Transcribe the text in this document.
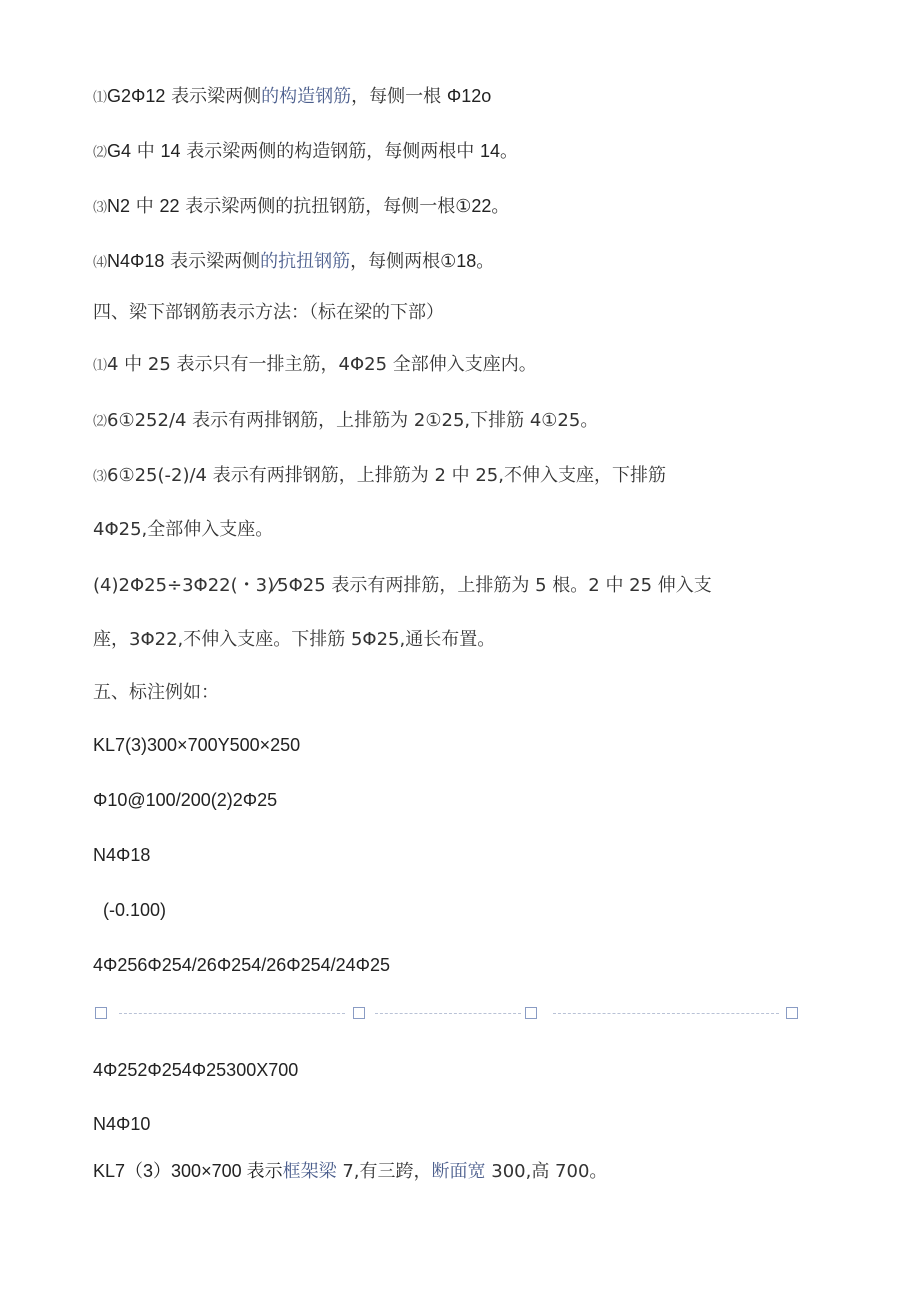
⑴G2Φ12 表示梁两侧的构造钢筋，每侧一根 Φ12o
⑵G4 中 14 表示梁两侧的构造钢筋，每侧两根中 14。
⑶N2 中 22 表示梁两侧的抗扭钢筋，每侧一根①22。
⑷N4Φ18 表示梁两侧的抗扭钢筋，每侧两根①18。
四、梁下部钢筋表示方法：（标在梁的下部）
⑴4 中 25 表示只有一排主筋，4Φ25 全部伸入支座内。
⑵6①252/4 表示有两排钢筋，上排筋为 2①25,下排筋 4①25。
⑶6①25(-2)/4 表示有两排钢筋，上排筋为 2 中 25,不伸入支座，下排筋
4Φ25,全部伸入支座。
(4)2Φ25÷3Φ22(・3)⁄5Φ25 表示有两排筋，上排筋为 5 根。2 中 25 伸入支
座，3Φ22,不伸入支座。下排筋 5Φ25,通长布置。
五、标注例如：
KL7(3)300×700Y500×250
Φ10@100/200(2)2Φ25
N4Φ18
(-0.100)
4Φ256Φ254/26Φ254/26Φ254/24Φ25
4Φ252Φ254Φ25300X700
N4Φ10
KL7（3）300×700 表示框架梁 7,有三跨，断面宽 300,高 700。
